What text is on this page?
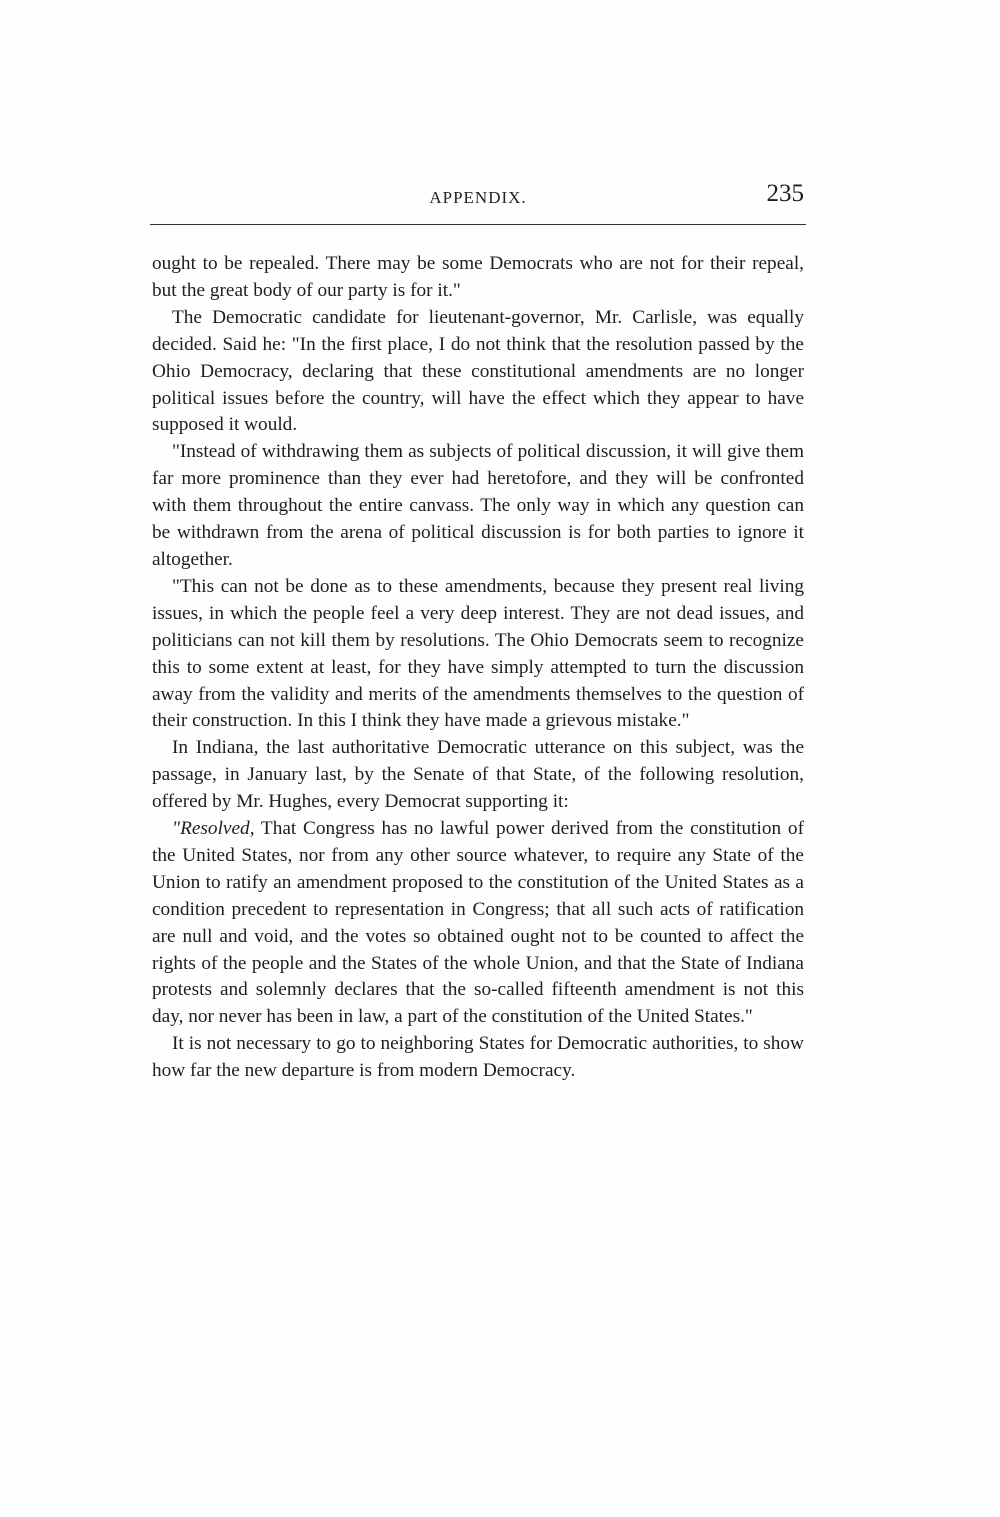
APPENDIX.	235

ought to be repealed. There may be some Democrats who are not for their repeal, but the great body of our party is for it."

The Democratic candidate for lieutenant-governor, Mr. Carlisle, was equally decided. Said he: "In the first place, I do not think that the resolution passed by the Ohio Democracy, declaring that these constitutional amendments are no longer political issues before the country, will have the effect which they appear to have supposed it would.

"Instead of withdrawing them as subjects of political discussion, it will give them far more prominence than they ever had heretofore, and they will be confronted with them throughout the entire canvass. The only way in which any question can be withdrawn from the arena of political discussion is for both parties to ignore it altogether.

"This can not be done as to these amendments, because they present real living issues, in which the people feel a very deep interest. They are not dead issues, and politicians can not kill them by resolutions. The Ohio Democrats seem to recognize this to some extent at least, for they have simply attempted to turn the discussion away from the validity and merits of the amendments themselves to the question of their construction. In this I think they have made a grievous mistake."

In Indiana, the last authoritative Democratic utterance on this subject, was the passage, in January last, by the Senate of that State, of the following resolution, offered by Mr. Hughes, every Democrat supporting it:

"Resolved, That Congress has no lawful power derived from the constitution of the United States, nor from any other source whatever, to require any State of the Union to ratify an amendment proposed to the constitution of the United States as a condition precedent to representation in Congress; that all such acts of ratification are null and void, and the votes so obtained ought not to be counted to affect the rights of the people and the States of the whole Union, and that the State of Indiana protests and solemnly declares that the so-called fifteenth amendment is not this day, nor never has been in law, a part of the constitution of the United States."

It is not necessary to go to neighboring States for Democratic authorities, to show how far the new departure is from modern Democracy.
